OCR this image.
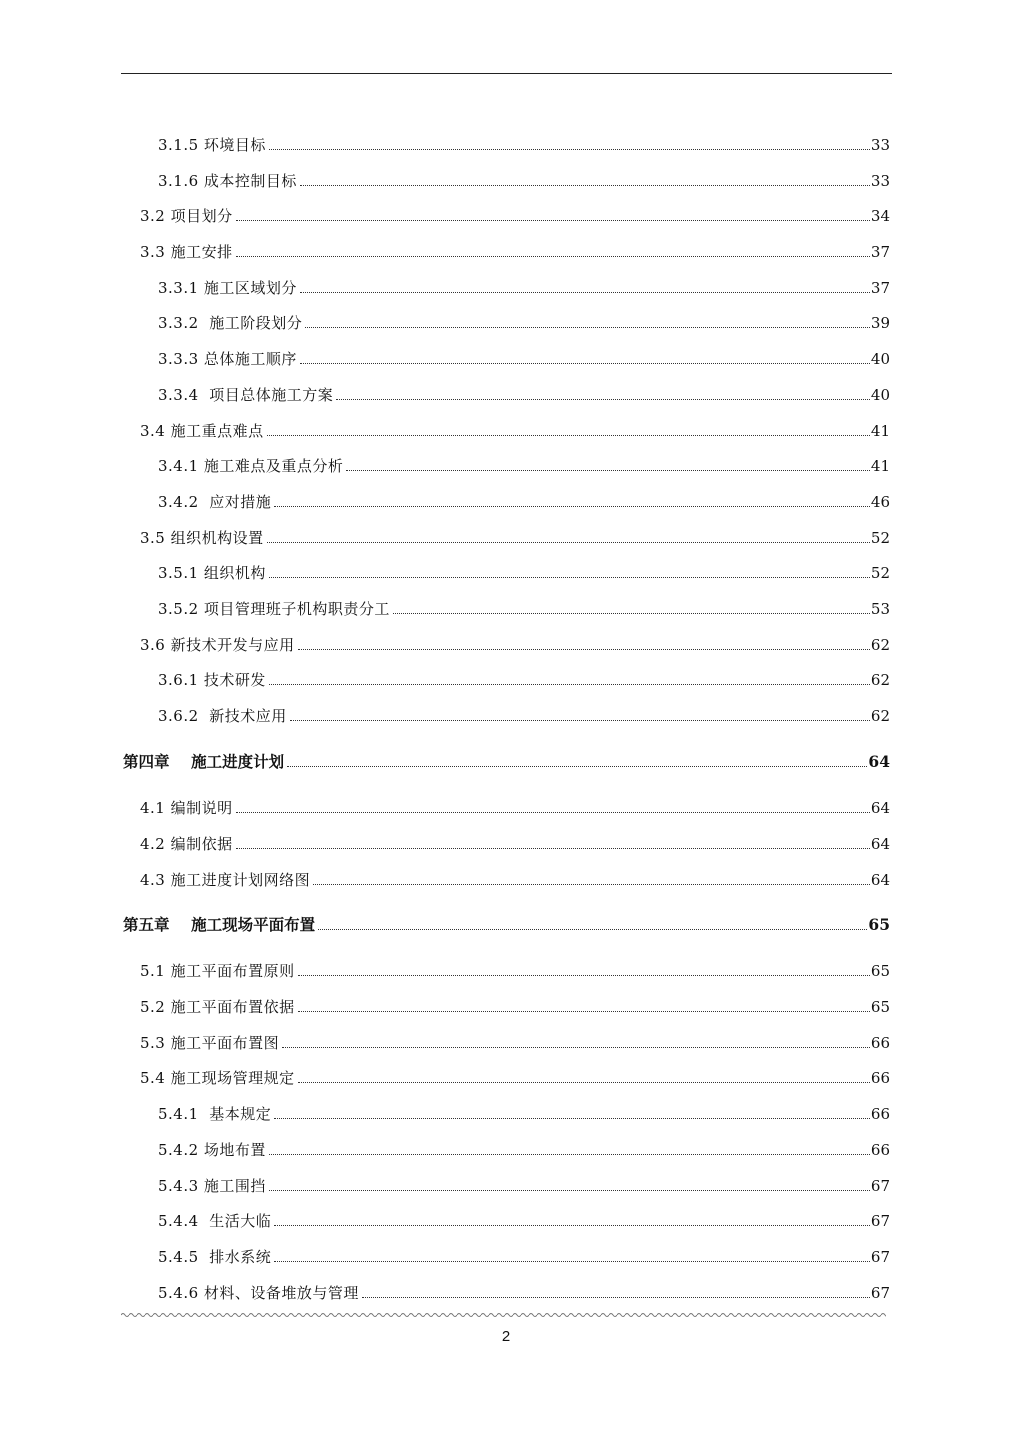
3.1.5 环境目标	33
3.1.6 成本控制目标	33
3.2 项目划分	34
3.3 施工安排	37
3.3.1 施工区域划分	37
3.3.2  施工阶段划分	39
3.3.3 总体施工顺序	40
3.3.4  项目总体施工方案	40
3.4 施工重点难点	41
3.4.1 施工难点及重点分析	41
3.4.2  应对措施	46
3.5 组织机构设置	52
3.5.1 组织机构	52
3.5.2 项目管理班子机构职责分工	53
3.6 新技术开发与应用	62
3.6.1 技术研发	62
3.6.2  新技术应用	62
第四章    施工进度计划	64
4.1 编制说明	64
4.2 编制依据	64
4.3 施工进度计划网络图	64
第五章    施工现场平面布置	65
5.1 施工平面布置原则	65
5.2 施工平面布置依据	65
5.3 施工平面布置图	66
5.4 施工现场管理规定	66
5.4.1  基本规定	66
5.4.2 场地布置	66
5.4.3 施工围挡	67
5.4.4  生活大临	67
5.4.5  排水系统	67
5.4.6 材料、设备堆放与管理	67
2
